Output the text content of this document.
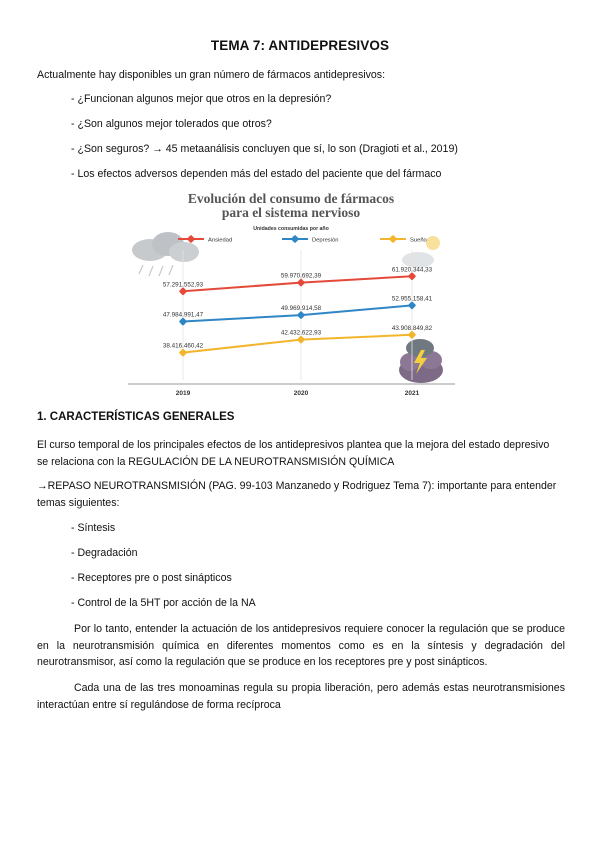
TEMA 7: ANTIDEPRESIVOS

Actualmente hay disponibles un gran número de fármacos antidepresivos:

- ¿Funcionan algunos mejor que otros en la depresión?
- ¿Son algunos mejor tolerados que otros?
- ¿Son seguros? → 45 metaanálisis concluyen que sí, lo son (Dragioti et al., 2019)
- Los efectos adversos dependen más del estado del paciente que del fármaco
2019	2020	2021
57.291.552,93
59.970.692,39
61.920.344,33
47.984.991,47
49.969.914,58
52.955.158,41
38.416.460,42
42.432.622,93
43.908.849,82
Ansiedad	Depresión	Sueño
Evolución del consumo de fármacos
para el sistema nervioso
Unidades consumidas por año
1. CARACTERÍSTICAS GENERALES
El curso temporal de los principales efectos de los antidepresivos plantea que la mejora del estado depresivo
se relaciona con la REGULACIÓN DE LA NEUROTRANSMISIÓN QUÍMICA
→REPASO NEUROTRANSMISIÓN (PAG. 99-103 Manzanedo y Rodriguez Tema 7): importante para entender
temas siguientes:
- Síntesis
- Degradación
- Receptores pre o post sinápticos
- Control de la 5HT por acción de la NA

Por lo tanto, entender la actuación de los antidepresivos requiere conocer la regulación que se produce en la neurotransmisión química en diferentes momentos como es en la síntesis y degradación del neurotransmisor, así como la regulación que se produce en los receptores pre y post sinápticos.

Cada una de las tres monoaminas regula su propia liberación, pero además estas neurotransmisiones interactúan entre sí regulándose de forma recíproca
